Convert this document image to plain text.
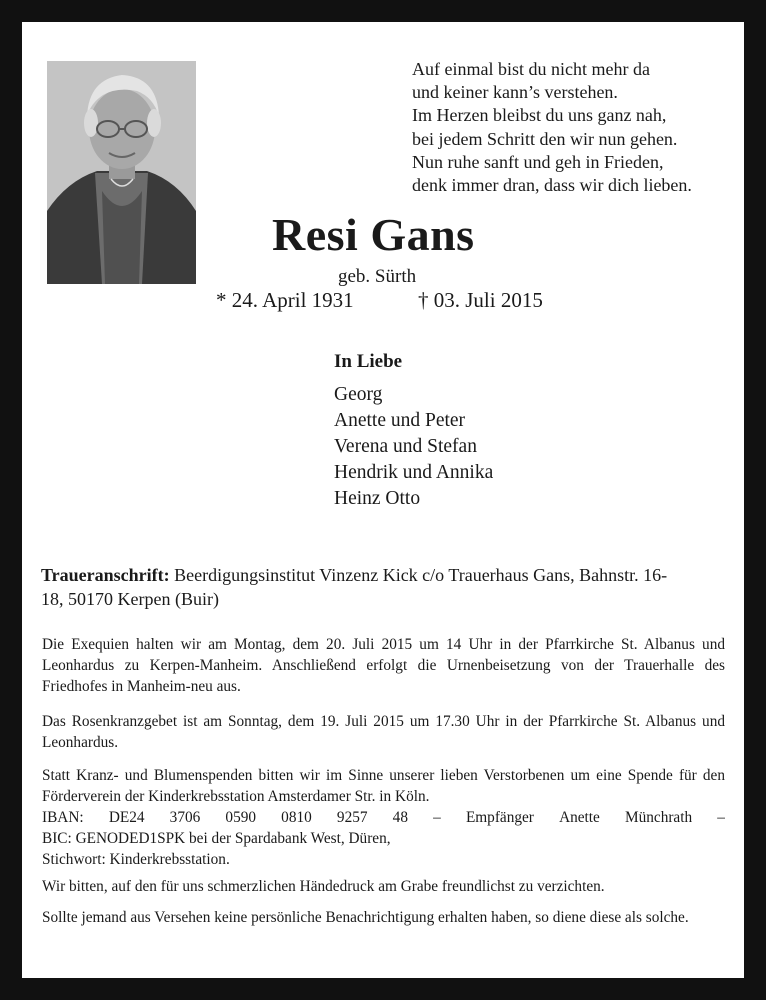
Auf einmal bist du nicht mehr da
und keiner kann’s verstehen.
Im Herzen bleibst du uns ganz nah,
bei jedem Schritt den wir nun gehen.
Nun ruhe sanft und geh in Frieden,
denk immer dran, dass wir dich lieben.
Resi Gans
geb. Sürth
* 24. April 1931	† 03. Juli 2015
In Liebe
Georg
Anette und Peter
Verena und Stefan
Hendrik und Annika
Heinz Otto
Traueranschrift: Beerdigungsinstitut Vinzenz Kick c/o Trauerhaus Gans, Bahnstr. 16-
18, 50170 Kerpen (Buir)
Die Exequien halten wir am Montag, dem 20. Juli 2015 um 14 Uhr in der Pfarrkirche St. Albanus und Leonhardus zu Kerpen-Manheim. Anschließend erfolgt die Urnenbeisetzung von der Trauerhalle des Friedhofes in Manheim-neu aus.
Das Rosenkranzgebet ist am Sonntag, dem 19. Juli 2015 um 17.30 Uhr in der Pfarrkirche St. Albanus und Leonhardus.
Statt Kranz- und Blumenspenden bitten wir im Sinne unserer lieben Verstorbenen um eine Spende für den Förderverein der Kinderkrebsstation Amsterdamer Str. in Köln.
IBAN: DE24 3706 0590 0810 9257 48 – Empfänger Anette Münchrath –
BIC: GENODED1SPK bei der Spardabank West, Düren,
Stichwort: Kinderkrebsstation.
Wir bitten, auf den für uns schmerzlichen Händedruck am Grabe freundlichst zu verzichten.
Sollte jemand aus Versehen keine persönliche Benachrichtigung erhalten haben, so diene diese als solche.
